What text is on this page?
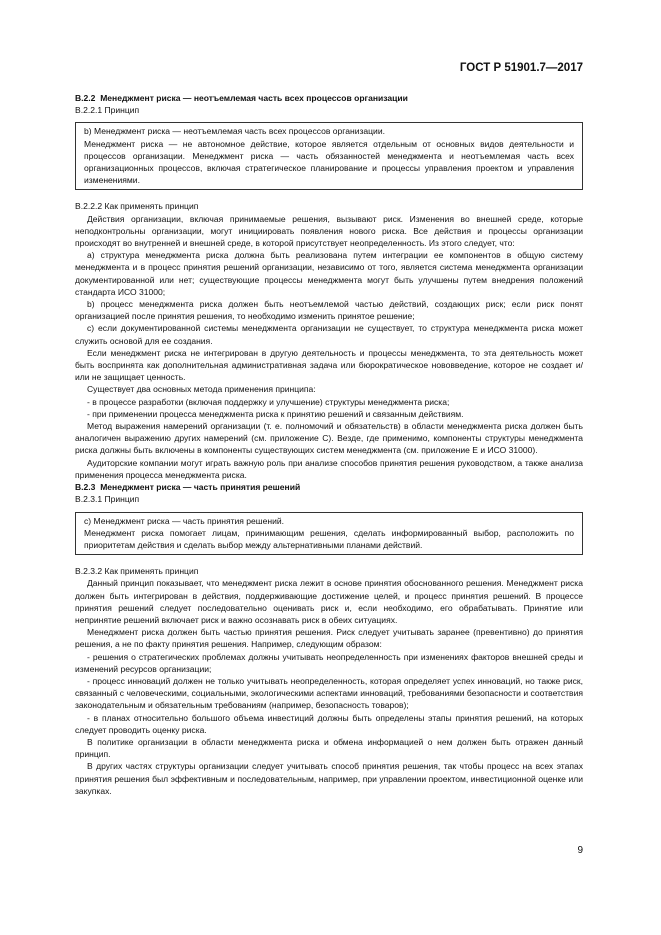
ГОСТ Р 51901.7—2017

B.2.2 Менеджмент риска — неотъемлемая часть всех процессов организации

B.2.2.1 Принцип

b) Менеджмент риска — неотъемлемая часть всех процессов организации.

Менеджмент риска — не автономное действие, которое является отдельным от основных видов деятельности и процессов организации. Менеджмент риска — часть обязанностей менеджмента и неотъемлемая часть всех организационных процессов, включая стратегическое планирование и процессы управления проектом и управления изменениями.

B.2.2.2 Как применять принцип

Действия организации, включая принимаемые решения, вызывают риск. Изменения во внешней среде, которые неподконтрольны организации, могут инициировать появления нового риска. Все действия и процессы организации происходят во внутренней и внешней среде, в которой присутствует неопределенность. Из этого следует, что:

a) структура менеджмента риска должна быть реализована путем интеграции ее компонентов в общую систему менеджмента и в процесс принятия решений организации, независимо от того, является система менеджмента организации документированной или нет; существующие процессы менеджмента могут быть улучшены путем внедрения положений стандарта ИСО 31000;

b) процесс менеджмента риска должен быть неотъемлемой частью действий, создающих риск; если риск понят организацией после принятия решения, то необходимо изменить принятое решение;

c) если документированной системы менеджмента организации не существует, то структура менеджмента риска может служить основой для ее создания.

Если менеджмент риска не интегрирован в другую деятельность и процессы менеджмента, то эта деятельность может быть воспринята как дополнительная административная задача или бюрократическое нововведение, которое не создает и/или не защищает ценность.

Существует два основных метода применения принципа:

- в процессе разработки (включая поддержку и улучшение) структуры менеджмента риска;

- при применении процесса менеджмента риска к принятию решений и связанным действиям.

Метод выражения намерений организации (т. е. полномочий и обязательств) в области менеджмента риска должен быть аналогичен выражению других намерений (см. приложение C). Везде, где применимо, компоненты структуры менеджмента риска должны быть включены в компоненты существующих систем менеджмента (см. приложение E и ИСО 31000).

Аудиторские компании могут играть важную роль при анализе способов принятия решения руководством, а также анализа применения процесса менеджмента риска.

B.2.3 Менеджмент риска — часть принятия решений

B.2.3.1 Принцип

c) Менеджмент риска — часть принятия решений.

Менеджмент риска помогает лицам, принимающим решения, сделать информированный выбор, расположить по приоритетам действия и сделать выбор между альтернативными планами действий.

B.2.3.2 Как применять принцип

Данный принцип показывает, что менеджмент риска лежит в основе принятия обоснованного решения. Менеджмент риска должен быть интегрирован в действия, поддерживающие достижение целей, и процесс принятия решений. В процессе принятия решений следует последовательно оценивать риск и, если необходимо, его обрабатывать. Принятие или непринятие решений включает риск и важно осознавать риск в обеих ситуациях.

Менеджмент риска должен быть частью принятия решения. Риск следует учитывать заранее (превентивно) до принятия решения, а не по факту принятия решения. Например, следующим образом:

- решения о стратегических проблемах должны учитывать неопределенность при изменениях факторов внешней среды и изменений ресурсов организации;

- процесс инноваций должен не только учитывать неопределенность, которая определяет успех инноваций, но также риск, связанный с человеческими, социальными, экологическими аспектами инноваций, требованиями безопасности и соответствия законодательным и обязательным требованиям (например, безопасность товаров);

- в планах относительно большого объема инвестиций должны быть определены этапы принятия решений, на которых следует проводить оценку риска.

В политике организации в области менеджмента риска и обмена информацией о нем должен быть отражен данный принцип.

В других частях структуры организации следует учитывать способ принятия решения, так чтобы процесс на всех этапах принятия решения был эффективным и последовательным, например, при управлении проектом, инвестиционной оценке или закупках.

9
